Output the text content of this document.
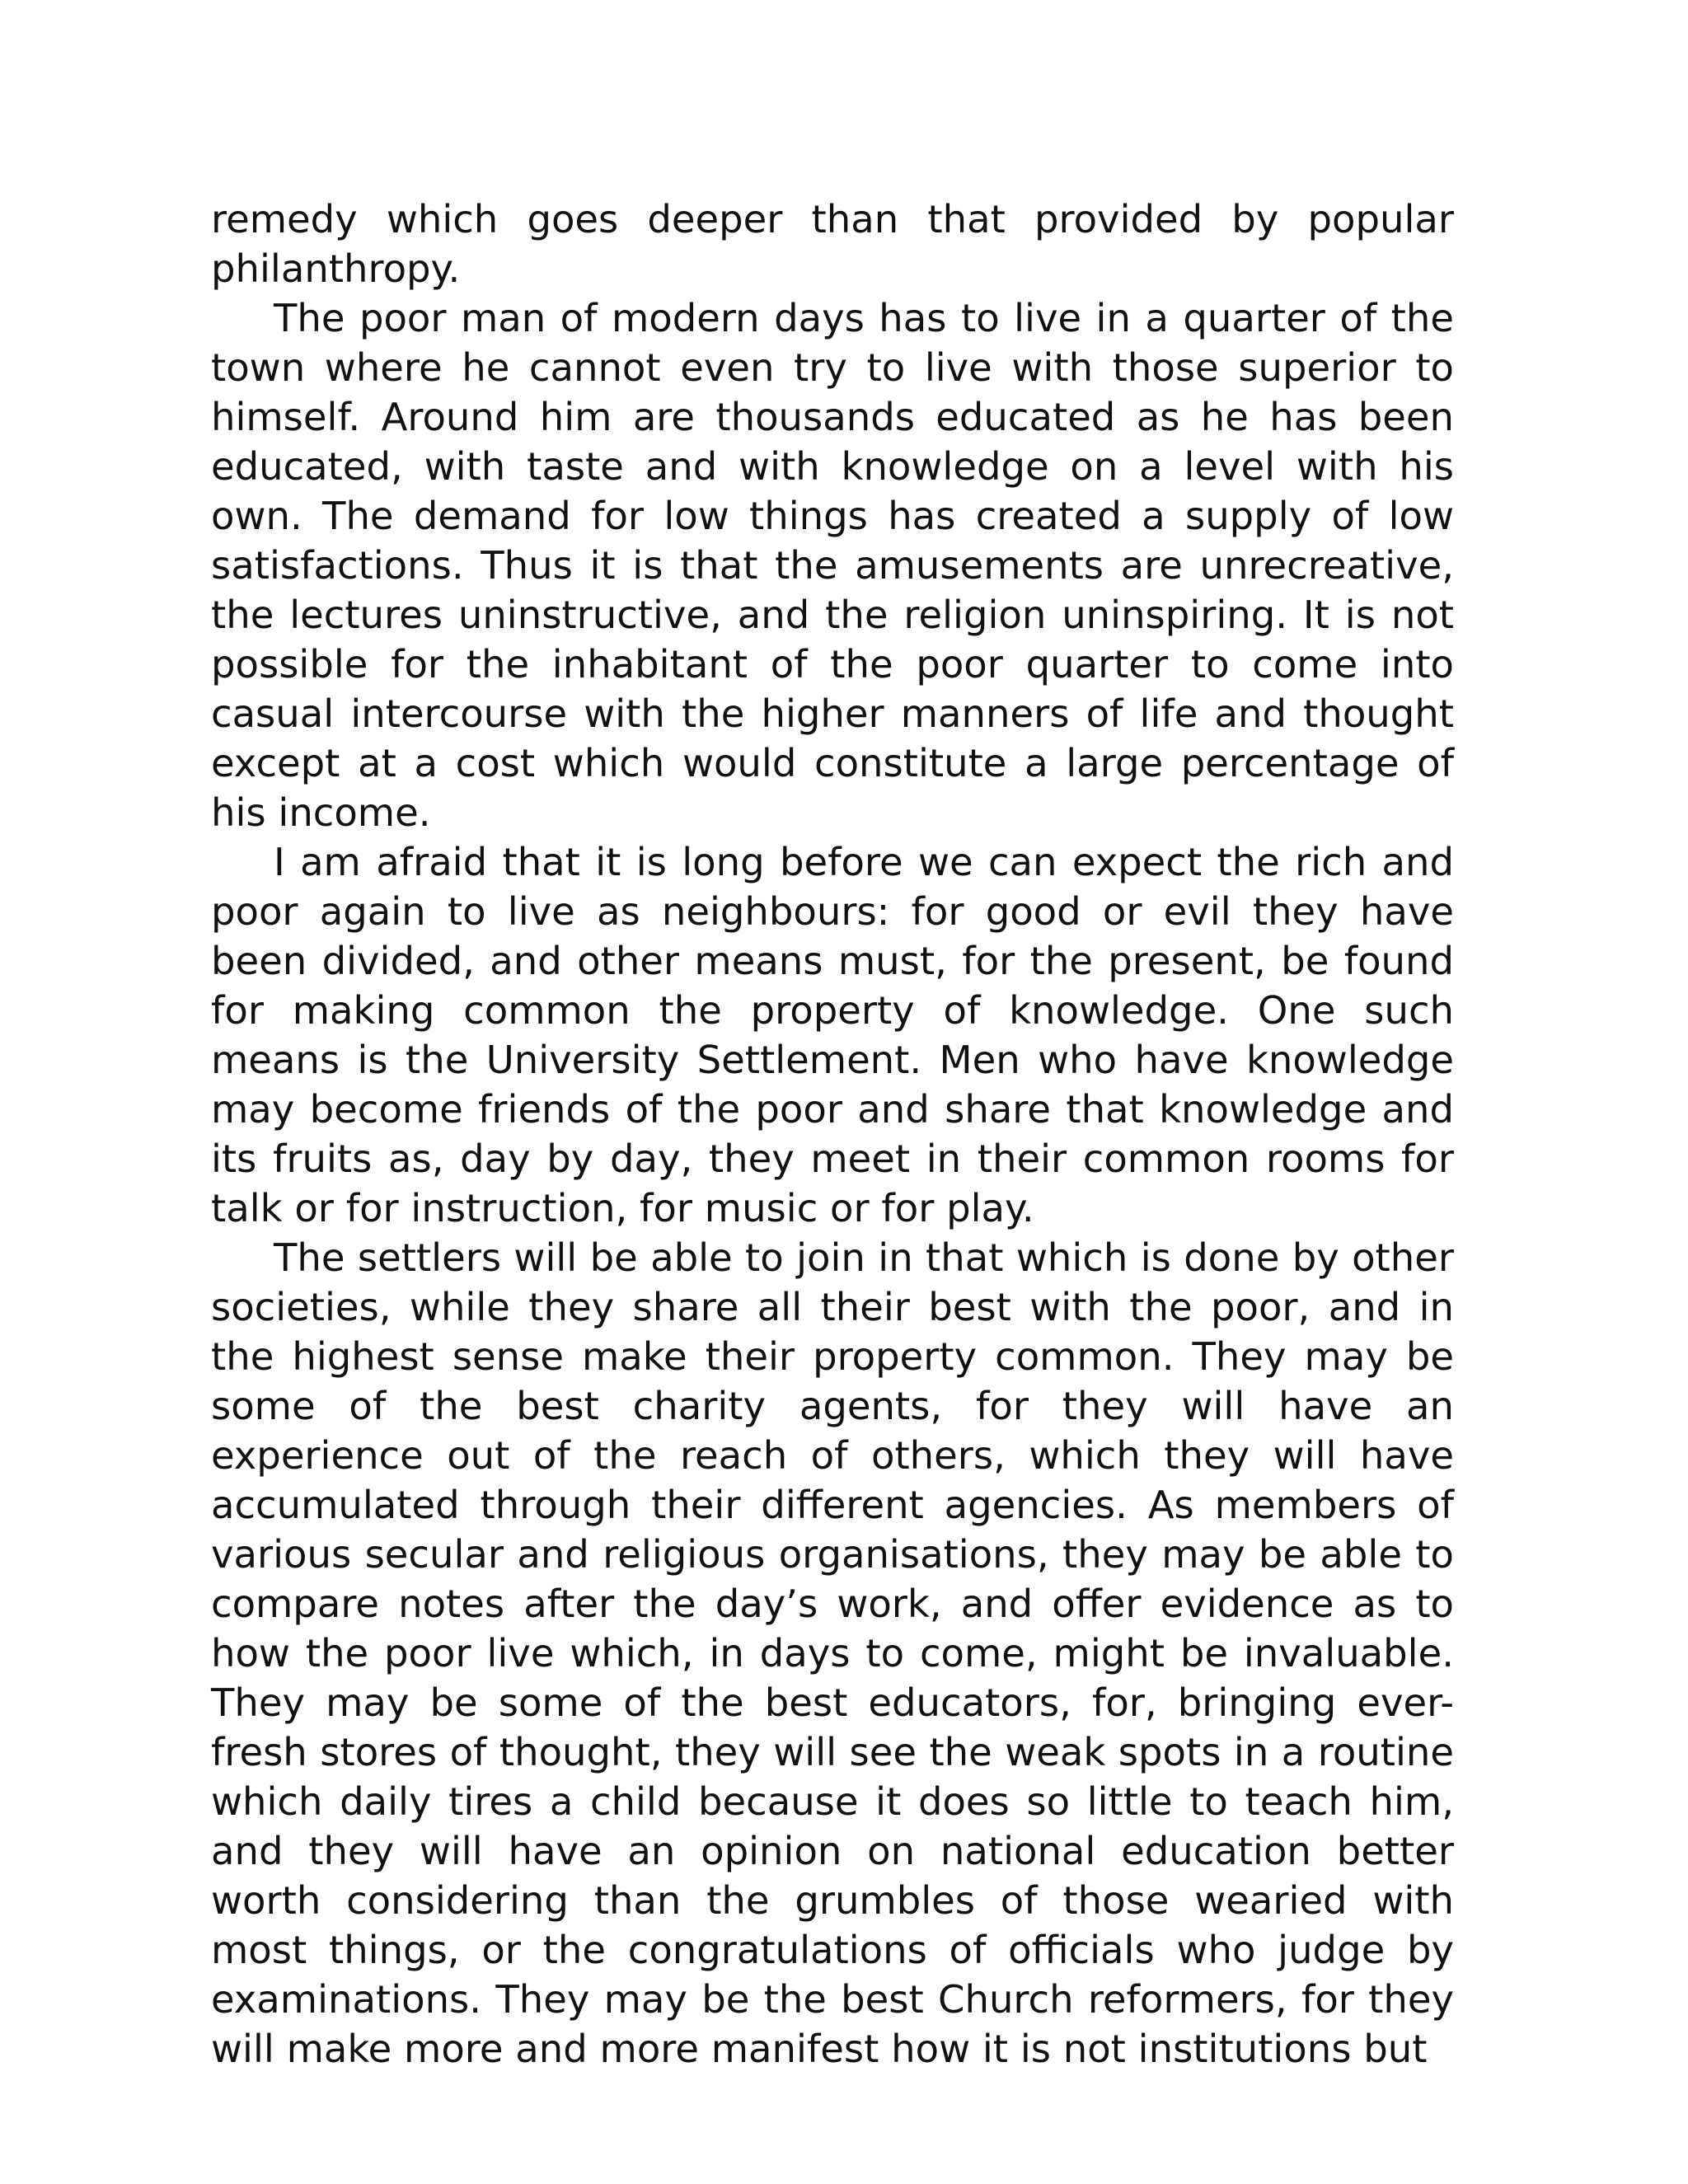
remedy which goes deeper than that provided by popular philanthropy.

The poor man of modern days has to live in a quarter of the town where he cannot even try to live with those superior to himself. Around him are thousands educated as he has been educated, with taste and with knowledge on a level with his own. The demand for low things has created a supply of low satisfactions. Thus it is that the amusements are unrecreative, the lectures uninstructive, and the religion uninspiring. It is not possible for the inhabitant of the poor quarter to come into casual intercourse with the higher manners of life and thought except at a cost which would constitute a large percentage of his income.

I am afraid that it is long before we can expect the rich and poor again to live as neighbours: for good or evil they have been divided, and other means must, for the present, be found for making common the property of knowledge. One such means is the University Settlement. Men who have knowledge may become friends of the poor and share that knowledge and its fruits as, day by day, they meet in their common rooms for talk or for instruction, for music or for play.

The settlers will be able to join in that which is done by other societies, while they share all their best with the poor, and in the highest sense make their property common. They may be some of the best charity agents, for they will have an experience out of the reach of others, which they will have accumulated through their different agencies. As members of various secular and religious organisations, they may be able to compare notes after the day’s work, and offer evidence as to how the poor live which, in days to come, might be invaluable. They may be some of the best educators, for, bringing ever-fresh stores of thought, they will see the weak spots in a routine which daily tires a child because it does so little to teach him, and they will have an opinion on national education better worth considering than the grumbles of those wearied with most things, or the congratulations of officials who judge by examinations. They may be the best Church reformers, for they will make more and more manifest how it is not institutions but
